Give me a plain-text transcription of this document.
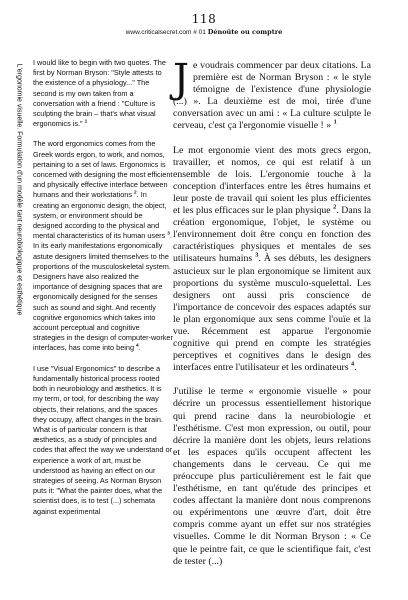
118
www.criticalsecret.com # 01 Dénoûte ou comptre
L'ergonomie visuelle. Formulation d'un modèle tant neurobiologique et esthétique

I would like to begin with two quotes. The first by Norman Bryson: "Style attests to the existence of a physiology..." The second is my own taken from a conversation with a friend : "Culture is sculpting the brain – that's what visual ergonomics is." $^1$

The word ergonomics comes from the Greek words ergon, to work, and nomos, pertaining to a set of laws. Ergonomics is concerned with designing the most efficient and physically effective interface between humans and their workstations $^2$. In creating an ergonomic design, the object, system, or environment should be designed according to the physical and mental characteristics of its human users $^3$. In its early manifestations ergonomically astute designers limited themselves to the proportions of the musculoskeletal system. Designers have also realized the importance of designing spaces that are ergonomically designed for the senses such as sound and sight. And recently cognitive ergonomics which takes into account perceptual and cognitive strategies in the design of computer-worker interfaces, has come into being $^4$.

I use "Visual Ergonomics" to describe a fundamentally historical process rooted both in neurobiology and æsthetics. It is my term, or tool, for describing the way objects, their relations, and the spaces they occupy, affect changes in the brain. What is of particular concern is that æsthetics, as a study of principles and codes that affect the way we understand or experience a work of art, must be understood as having an effect on our strategies of seeing. As Norman Bryson puts it: "What the painter does, what the scientist does, is to test (...) schemata against experimental

Je voudrais commencer par deux citations. La première est de Norman Bryson : « le style témoigne de l'existence d'une physiologie (...) ». La deuxième est de moi, tirée d'une conversation avec un ami : « La culture sculpte le cerveau, c'est ça l'ergonomie visuelle ! » $^1$

Le mot ergonomie vient des mots grecs ergon, travailler, et nomos, ce qui est relatif à un ensemble de lois. L'ergonomie touche à la conception d'interfaces entre les êtres humains et leur poste de travail qui soient les plus efficientes et les plus efficaces sur le plan physique $^2$. Dans la création ergonomique, l'objet, le système ou l'environnement doit être conçu en fonction des caractéristiques physiques et mentales de ses utilisateurs humains $^3$. À ses débuts, les designers astucieux sur le plan ergonomique se limitent aux proportions du système musculo-squelettal. Les designers ont aussi pris conscience de l'importance de concevoir des espaces adaptés sur le plan ergonomique aux sens comme l'ouïe et la vue. Récemment est apparue l'ergonomie cognitive qui prend en compte les stratégies perceptives et cognitives dans le design des interfaces entre l'utilisateur et les ordinateurs $^4$.

J'utilise le terme « ergonomie visuelle » pour décrire un processus essentiellement historique qui prend racine dans la neurobiologie et l'esthétisme. C'est mon expression, ou outil, pour décrire la manière dont les objets, leurs relations et les espaces qu'ils occupent affectent les changements dans le cerveau. Ce qui me préoccupe plus particulièrement est le fait que l'esthétisme, en tant qu'étude des principes et codes affectant la manière dont nous comprenons ou expérimentons une œuvre d'art, doit être compris comme ayant un effet sur nos stratégies visuelles. Comme le dit Norman Bryson : « Ce que le peintre fait, ce que le scientifique fait, c'est de tester (...)
